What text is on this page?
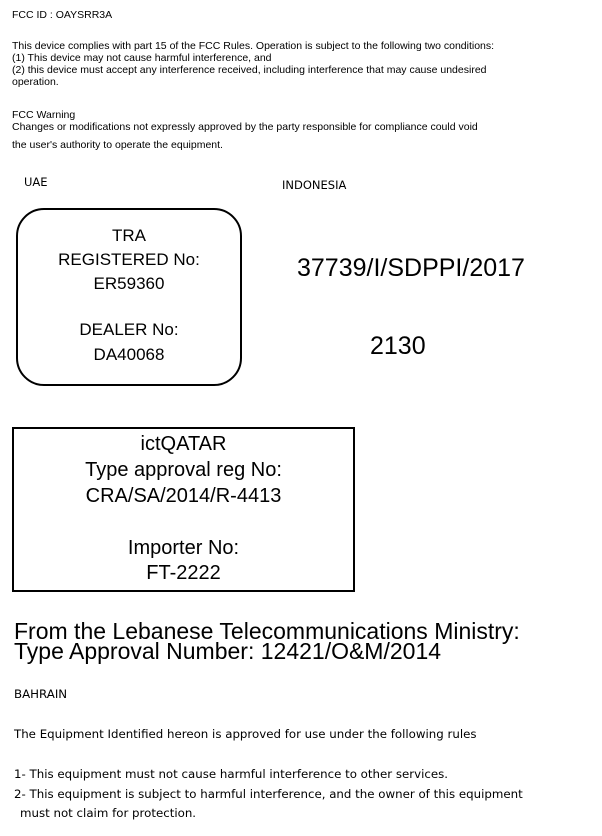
FCC ID : OAYSRR3A
This device complies with part 15 of the FCC Rules. Operation is subject to the following two conditions:
(1) This device may not cause harmful interference, and
(2) this device must accept any interference received, including interference that may cause undesired
operation.
FCC Warning
Changes or modifications not expressly approved by the party responsible for compliance could void
the user's authority to operate the equipment.
UAE
TRA
REGISTERED No:
ER59360
DEALER No:
DA40068
INDONESIA
37739/I/SDPPI/2017
2130
ictQATAR
Type approval reg No:
CRA/SA/2014/R-4413
Importer No:
FT-2222
From the Lebanese Telecommunications Ministry:
Type Approval Number: 12421/O&M/2014
BAHRAIN
The Equipment Identified hereon is approved for use under the following rules
1- This equipment must not cause harmful interference to other services.
2- This equipment is subject to harmful interference, and the owner of this equipment
must not claim for protection.
